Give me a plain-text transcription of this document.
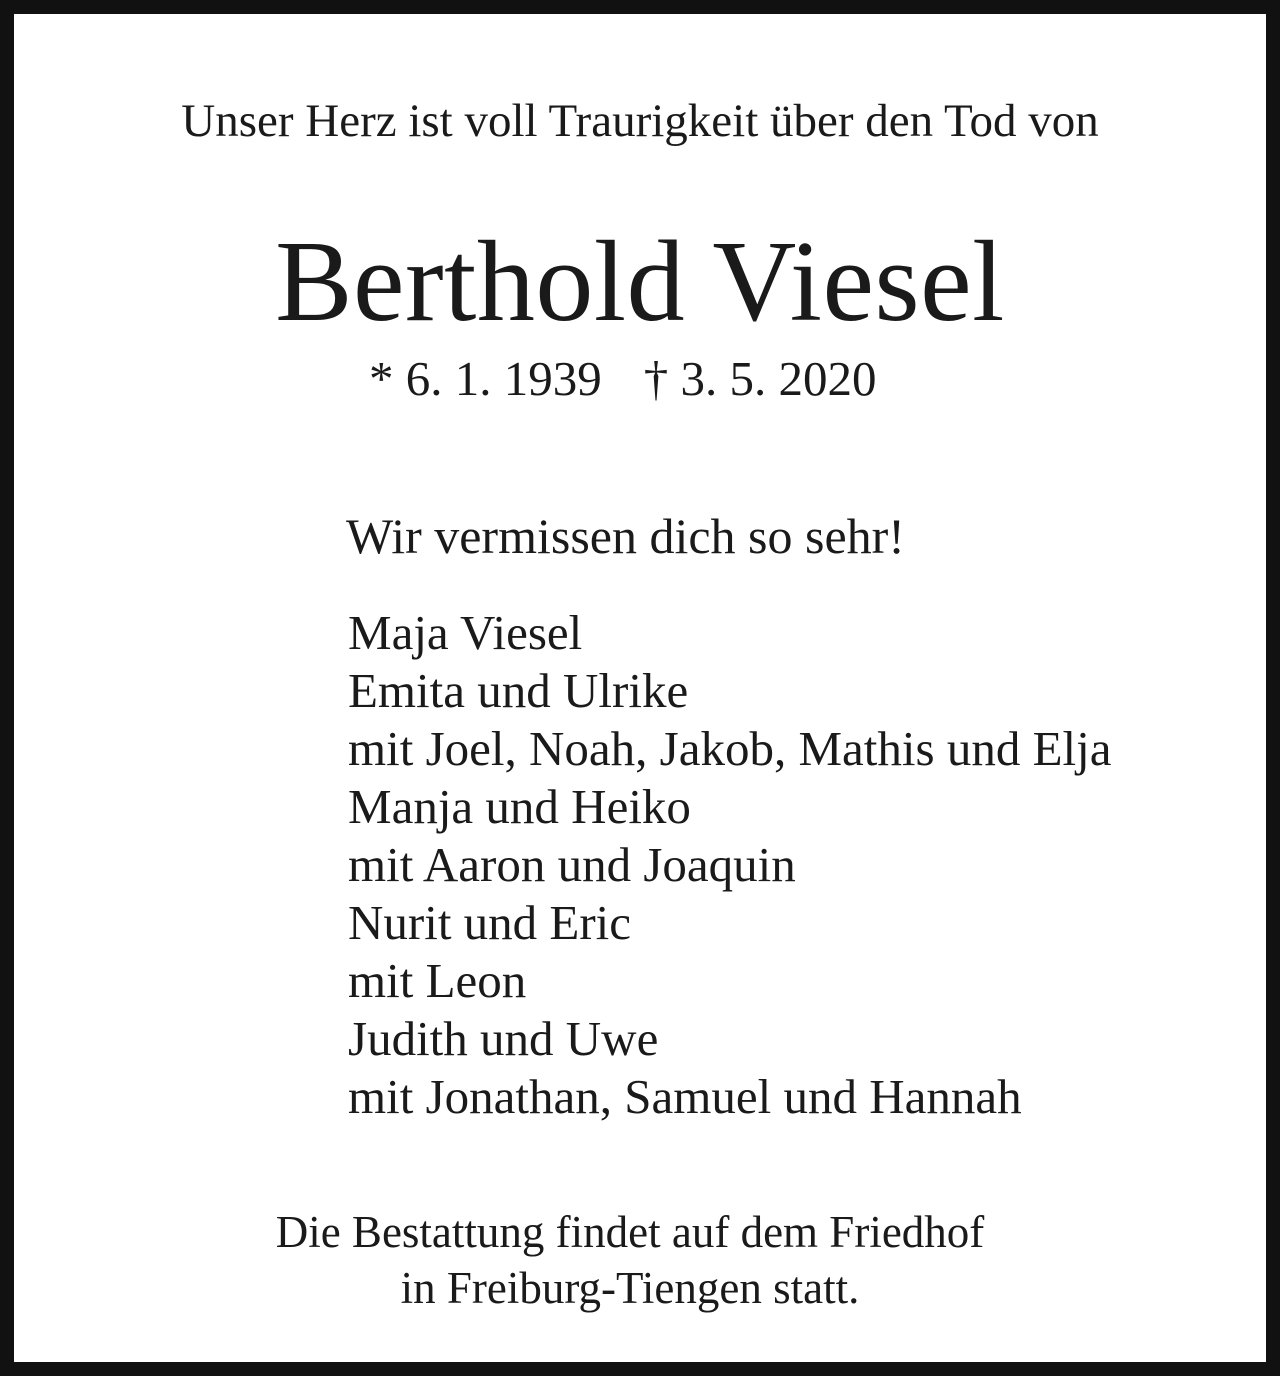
Unser Herz ist voll Traurigkeit über den Tod von

Berthold Viesel

* 6. 1. 1939 † 3. 5. 2020

Wir vermissen dich so sehr!

Maja Viesel
Emita und Ulrike
mit Joel, Noah, Jakob, Mathis und Elja
Manja und Heiko
mit Aaron und Joaquin
Nurit und Eric
mit Leon
Judith und Uwe
mit Jonathan, Samuel und Hannah
Die Bestattung findet auf dem Friedhof
in Freiburg-Tiengen statt.
